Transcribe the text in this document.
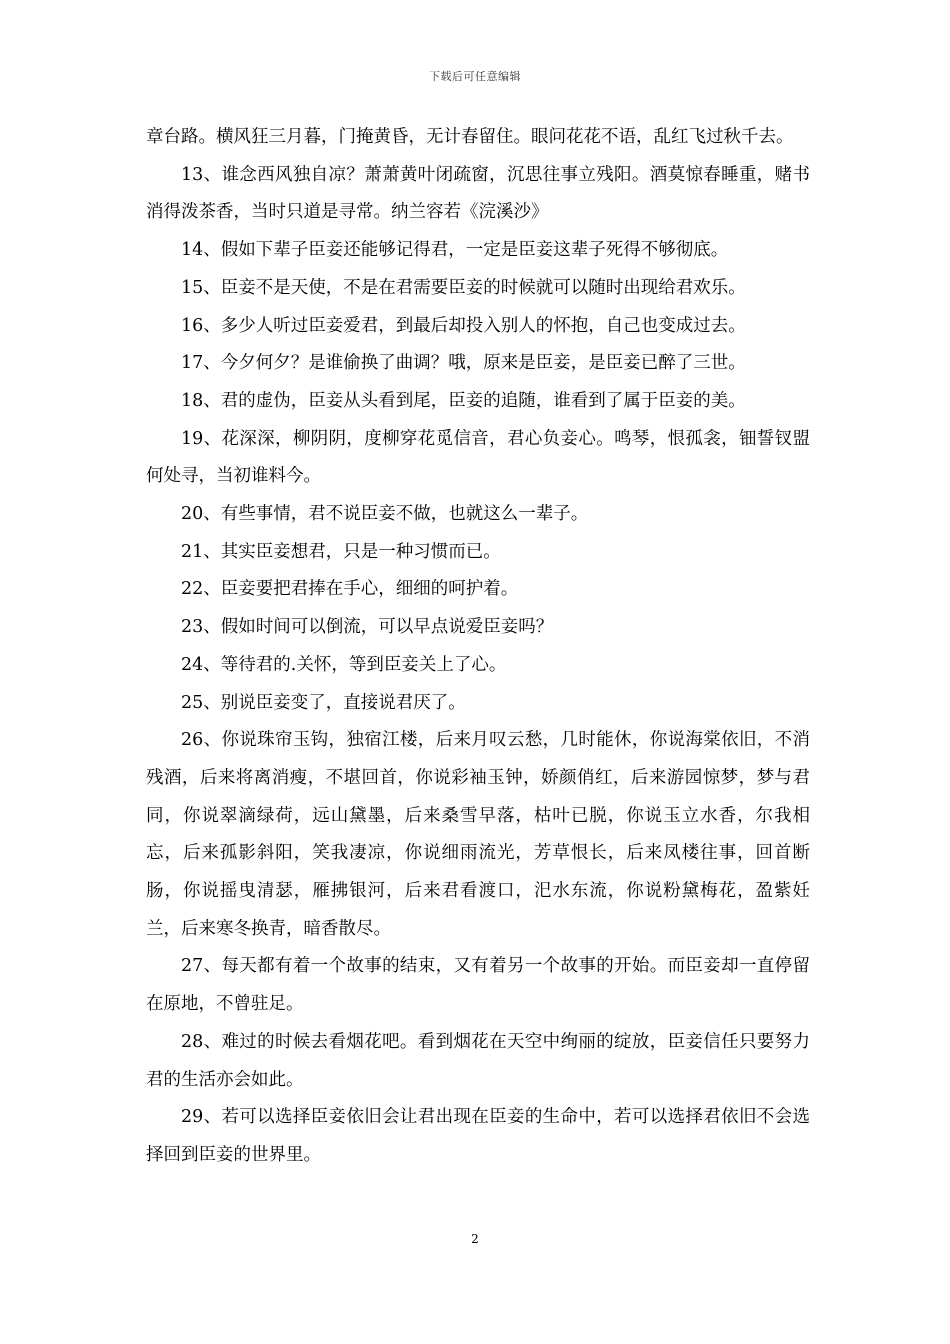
下载后可任意编辑

章台路。横风狂三月暮，门掩黄昏，无计春留住。眼问花花不语，乱红飞过秋千去。

13、谁念西风独自凉？萧萧黄叶闭疏窗，沉思往事立残阳。酒莫惊春睡重，赌书消得泼茶香，当时只道是寻常。纳兰容若《浣溪沙》

14、假如下辈子臣妾还能够记得君，一定是臣妾这辈子死得不够彻底。

15、臣妾不是天使，不是在君需要臣妾的时候就可以随时出现给君欢乐。

16、多少人听过臣妾爱君，到最后却投入别人的怀抱，自己也变成过去。

17、今夕何夕？是谁偷换了曲调？哦，原来是臣妾，是臣妾已醉了三世。

18、君的虚伪，臣妾从头看到尾，臣妾的追随，谁看到了属于臣妾的美。

19、花深深，柳阴阴，度柳穿花觅信音，君心负妾心。鸣琴，恨孤衾，钿誓钗盟何处寻，当初谁料今。

20、有些事情，君不说臣妾不做，也就这么一辈子。

21、其实臣妾想君，只是一种习惯而已。

22、臣妾要把君捧在手心，细细的呵护着。

23、假如时间可以倒流，可以早点说爱臣妾吗？

24、等待君的.关怀，等到臣妾关上了心。

25、别说臣妾变了，直接说君厌了。

26、你说珠帘玉钩，独宿江楼，后来月叹云愁，几时能休，你说海棠依旧，不消残酒，后来将离消瘦，不堪回首，你说彩袖玉钟，娇颜俏红，后来游园惊梦，梦与君同，你说翠滴绿荷，远山黛墨，后来桑雪早落，枯叶已脱，你说玉立水香，尔我相忘，后来孤影斜阳，笑我凄凉，你说细雨流光，芳草恨长，后来凤楼往事，回首断肠，你说摇曳清瑟，雁拂银河，后来君看渡口，汜水东流，你说粉黛梅花，盈紫妊兰，后来寒冬换青，暗香散尽。

27、每天都有着一个故事的结束，又有着另一个故事的开始。而臣妾却一直停留在原地，不曾驻足。

28、难过的时候去看烟花吧。看到烟花在天空中绚丽的绽放，臣妾信任只要努力君的生活亦会如此。

29、若可以选择臣妾依旧会让君出现在臣妾的生命中，若可以选择君依旧不会选择回到臣妾的世界里。

2
